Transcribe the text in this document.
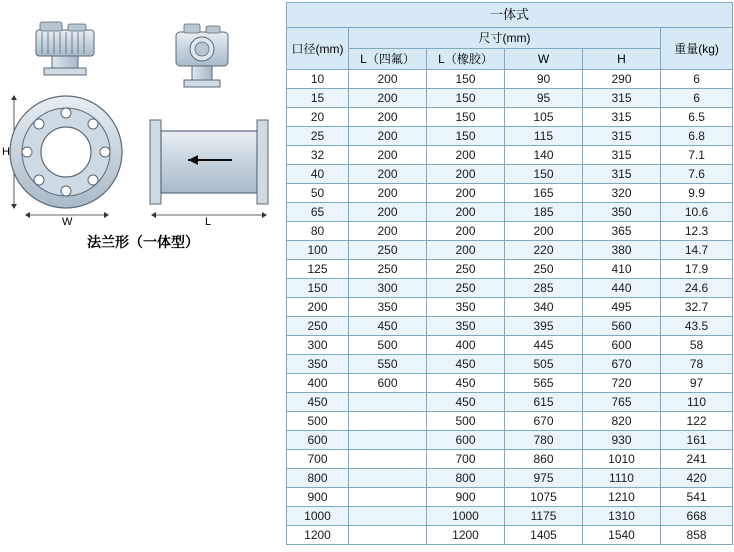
H
W	L
法兰形（一体型）
一体式					
口径(mm)	尺寸(mm)				重量(kg)
	L（四氟）	L（橡胶）	W	H	
10	200	150	90	290	6
15	200	150	95	315	6
20	200	150	105	315	6.5
25	200	150	115	315	6.8
32	200	200	140	315	7.1
40	200	200	150	315	7.6
50	200	200	165	320	9.9
65	200	200	185	350	10.6
80	200	200	200	365	12.3
100	250	200	220	380	14.7
125	250	250	250	410	17.9
150	300	250	285	440	24.6
200	350	350	340	495	32.7
250	450	350	395	560	43.5
300	500	400	445	600	58
350	550	450	505	670	78
400	600	450	565	720	97
450		450	615	765	110
500		500	670	820	122
600		600	780	930	161
700		700	860	1010	241
800		800	975	1110	420
900		900	1075	1210	541
1000		1000	1175	1310	668
1200		1200	1405	1540	858
